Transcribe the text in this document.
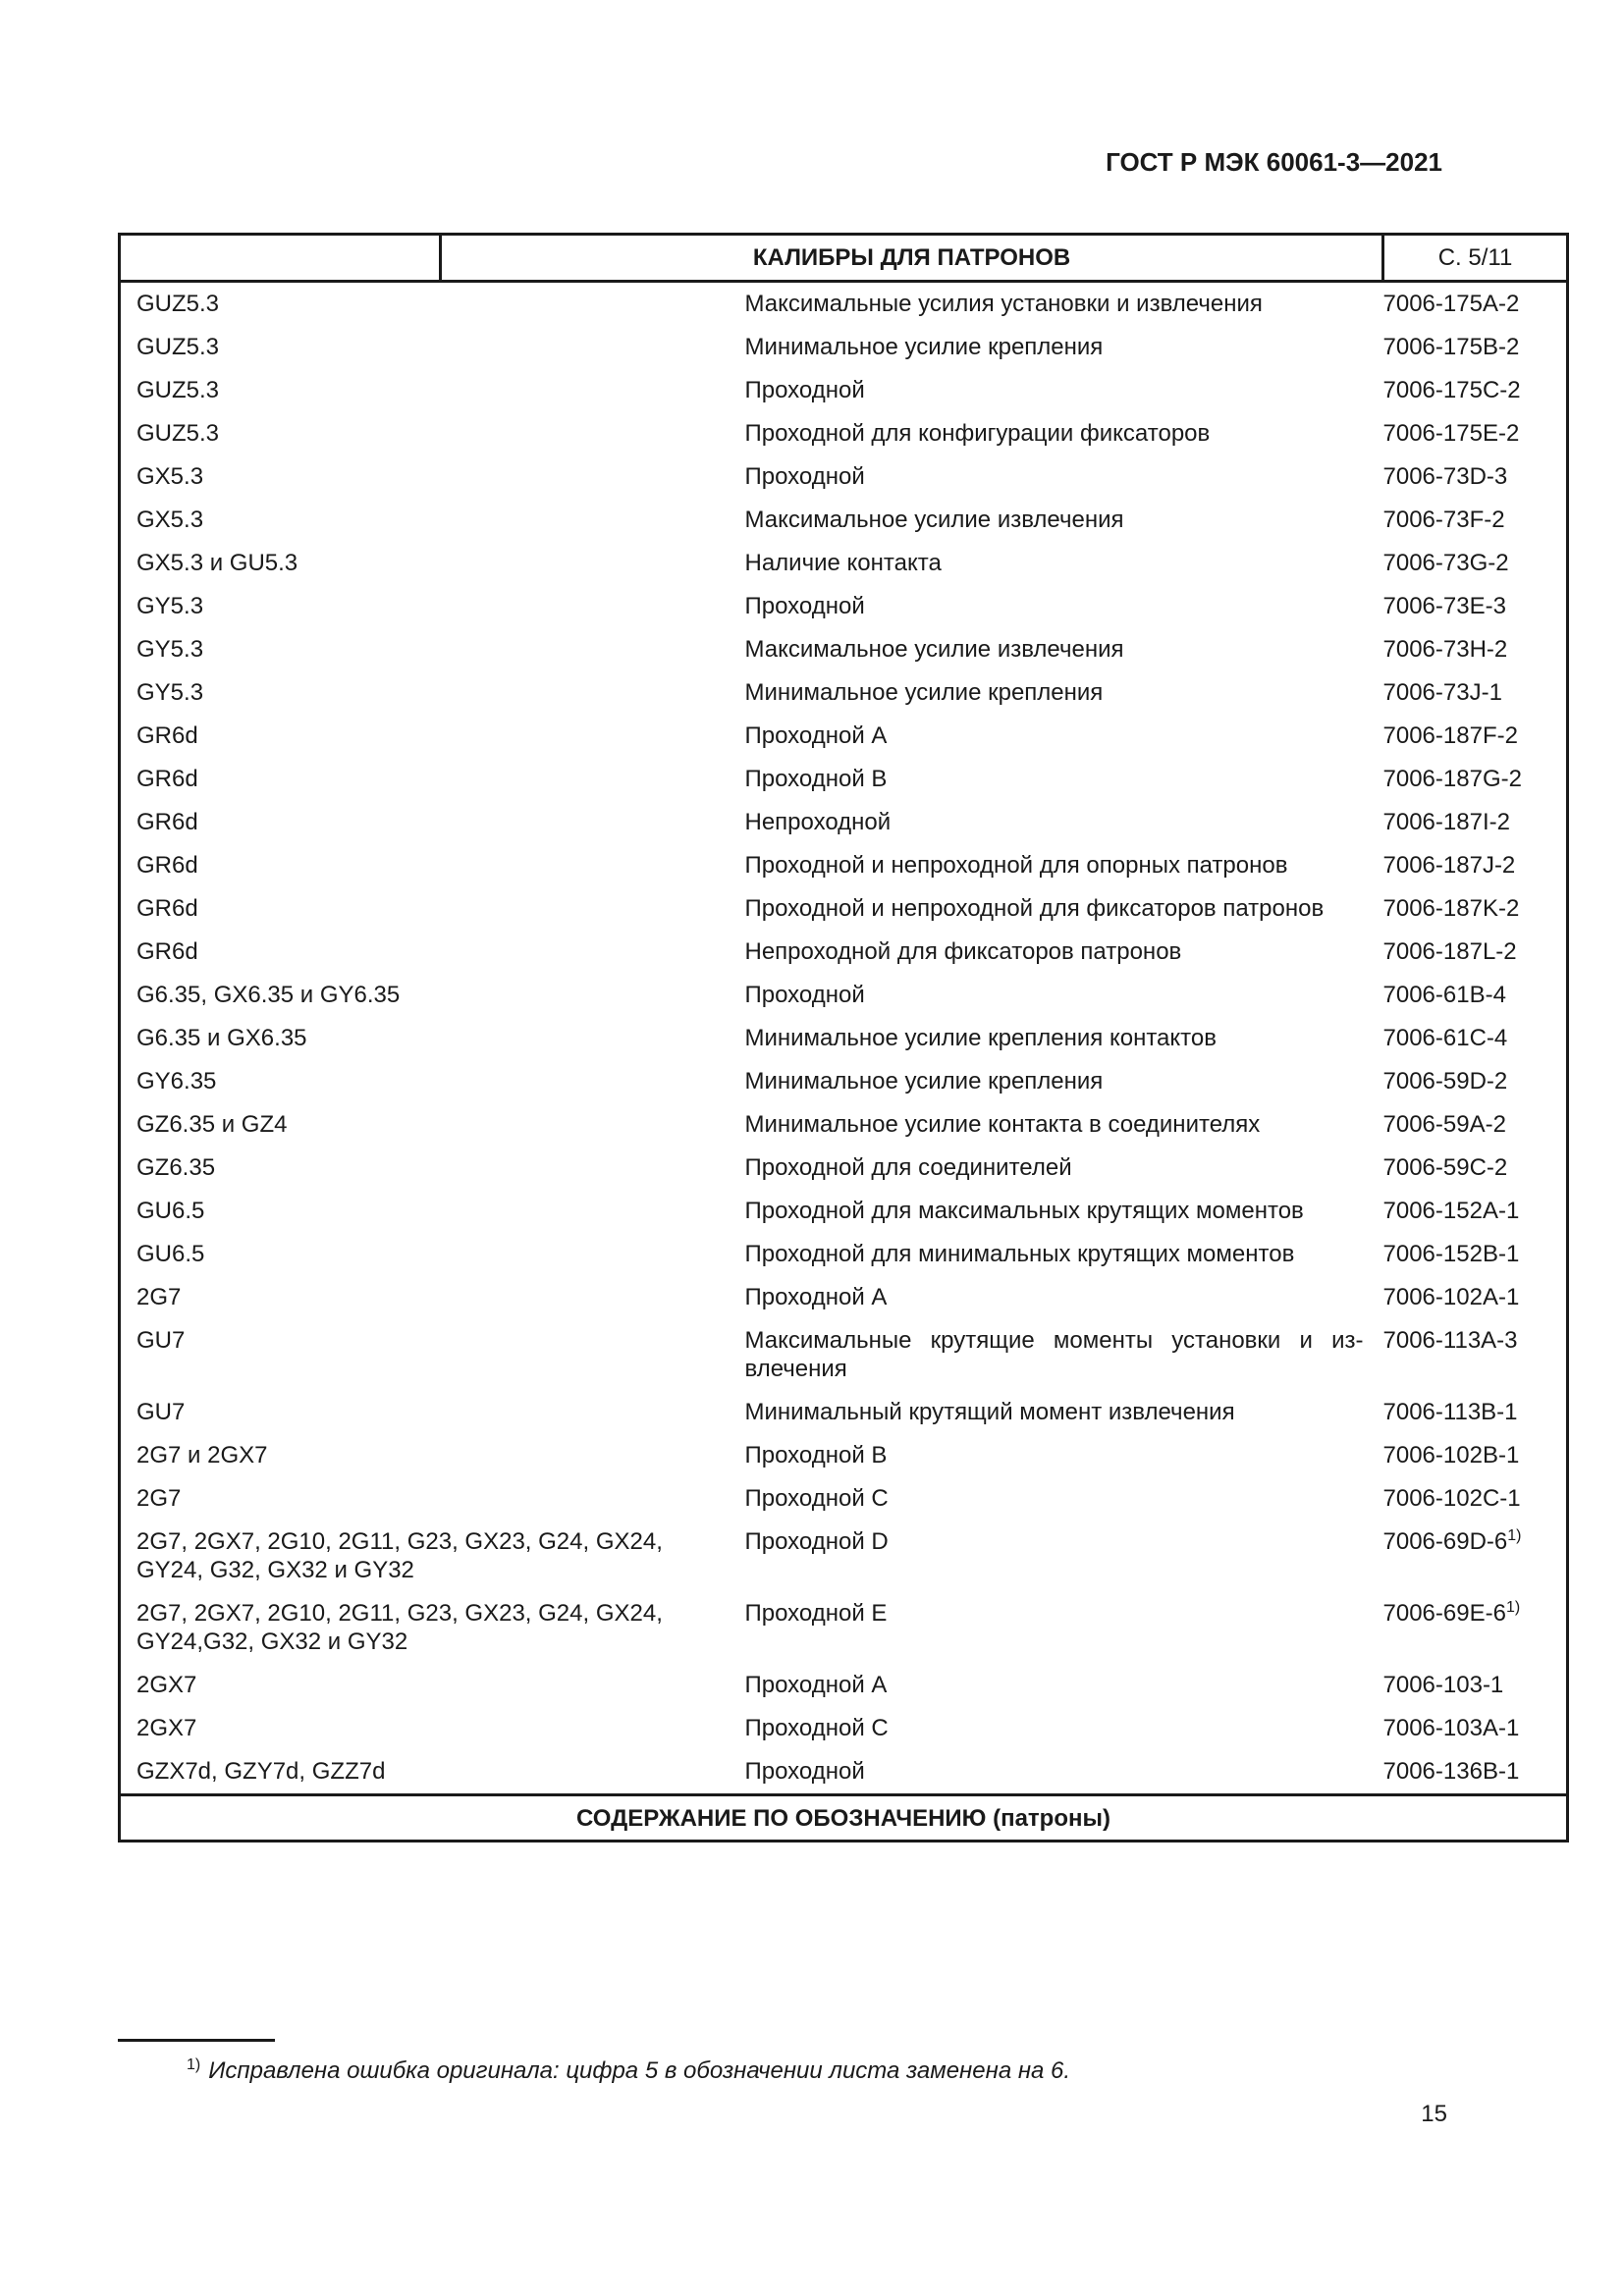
ГОСТ Р МЭК 60061-3—2021
	КАЛИБРЫ ДЛЯ ПАТРОНОВ		С. 5/11
GUZ5.3		Максимальные усилия установки и извлечения	7006-175A-2
GUZ5.3		Минимальное усилие крепления	7006-175B-2
GUZ5.3		Проходной	7006-175C-2
GUZ5.3		Проходной для конфигурации фиксаторов	7006-175E-2
GX5.3		Проходной	7006-73D-3
GX5.3		Максимальное усилие извлечения	7006-73F-2
GX5.3 и GU5.3		Наличие контакта	7006-73G-2
GY5.3		Проходной	7006-73E-3
GY5.3		Максимальное усилие извлечения	7006-73H-2
GY5.3		Минимальное усилие крепления	7006-73J-1
GR6d		Проходной A	7006-187F-2
GR6d		Проходной B	7006-187G-2
GR6d		Непроходной	7006-187I-2
GR6d		Проходной и непроходной для опорных патронов	7006-187J-2
GR6d		Проходной и непроходной для фиксаторов патронов	7006-187K-2
GR6d		Непроходной для фиксаторов патронов	7006-187L-2
G6.35, GX6.35 и GY6.35		Проходной	7006-61B-4
G6.35 и GX6.35		Минимальное усилие крепления контактов	7006-61C-4
GY6.35		Минимальное усилие крепления	7006-59D-2
GZ6.35 и GZ4		Минимальное усилие контакта в соединителях	7006-59A-2
GZ6.35		Проходной для соединителей	7006-59C-2
GU6.5		Проходной для максимальных крутящих моментов	7006-152A-1
GU6.5		Проходной для минимальных крутящих моментов	7006-152B-1
2G7		Проходной A	7006-102A-1
GU7		Максимальные крутящие моменты установки и извлечения	7006-113A-3
GU7		Минимальный крутящий момент извлечения	7006-113B-1
2G7 и 2GX7		Проходной B	7006-102B-1
2G7		Проходной C	7006-102C-1
2G7, 2GX7, 2G10, 2G11, G23, GX23, G24, GX24, GY24, G32, GX32 и GY32		Проходной D	7006-69D-6$^{1)}$
2G7, 2GX7, 2G10, 2G11, G23, GX23, G24, GX24, GY24,G32, GX32 и GY32		Проходной E	7006-69E-6$^{1)}$
2GX7		Проходной A	7006-103-1
2GX7		Проходной C	7006-103A-1
GZX7d, GZY7d, GZZ7d		Проходной	7006-136B-1
СОДЕРЖАНИЕ ПО ОБОЗНАЧЕНИЮ (патроны)			
$^{1)}$ Исправлена ошибка оригинала: цифра 5 в обозначении листа заменена на 6.
15
